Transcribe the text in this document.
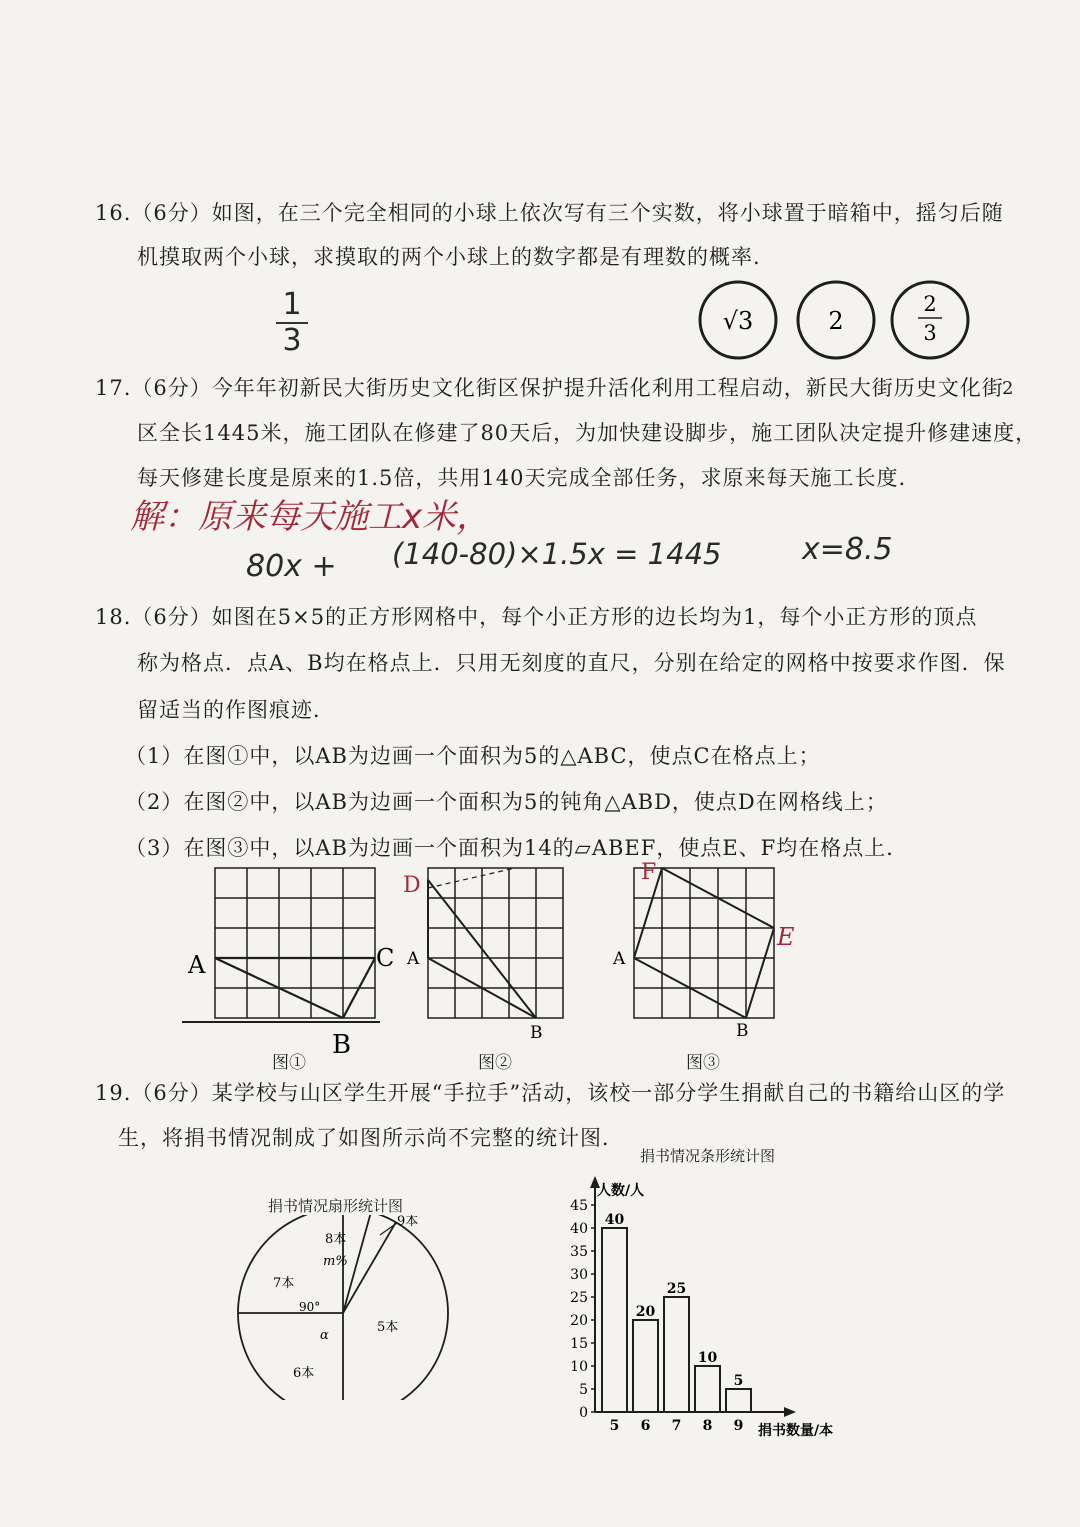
16.（6分）如图，在三个完全相同的小球上依次写有三个实数，将小球置于暗箱中，摇匀后随
机摸取两个小球，求摸取的两个小球上的数字都是有理数的概率.
1
3
√3	2
2
3
17.（6分）今年年初新民大街历史文化街区保护提升活化利用工程启动，新民大街历史文化街
2
区全长1445米，施工团队在修建了80天后，为加快建设脚步，施工团队决定提升修建速度，
每天修建长度是原来的1.5倍，共用140天完成全部任务，求原来每天施工长度.
解：原来每天施工x米，
80x + (140-80)×1.5x = 1445	x=8.5
18.（6分）如图在5×5的正方形网格中，每个小正方形的边长均为1，每个小正方形的顶点
称为格点．点A、B均在格点上．只用无刻度的直尺，分别在给定的网格中按要求作图．保
留适当的作图痕迹．
（1）在图①中，以AB为边画一个面积为5的△ABC，使点C在格点上；
（2）在图②中，以AB为边画一个面积为5的钝角△ABD，使点D在网格线上；
（3）在图③中，以AB为边画一个面积为14的▱ABEF，使点E、F均在格点上．
A	C
B
D
A
B
F
E
A
B
图①	图②	图③
19.（6分）某学校与山区学生开展“手拉手”活动，该校一部分学生捐献自己的书籍给山区的学
生，将捐书情况制成了如图所示尚不完整的统计图．
捐书情况扇形统计图
8本
m%
9本
7本
90°
α
5本
6本
捐书情况条形统计图
人数/人
捐书数量/本
0
5
10
15
20
25
30
35
40
45
40
5
20
6
25
7
10
8
5
9
